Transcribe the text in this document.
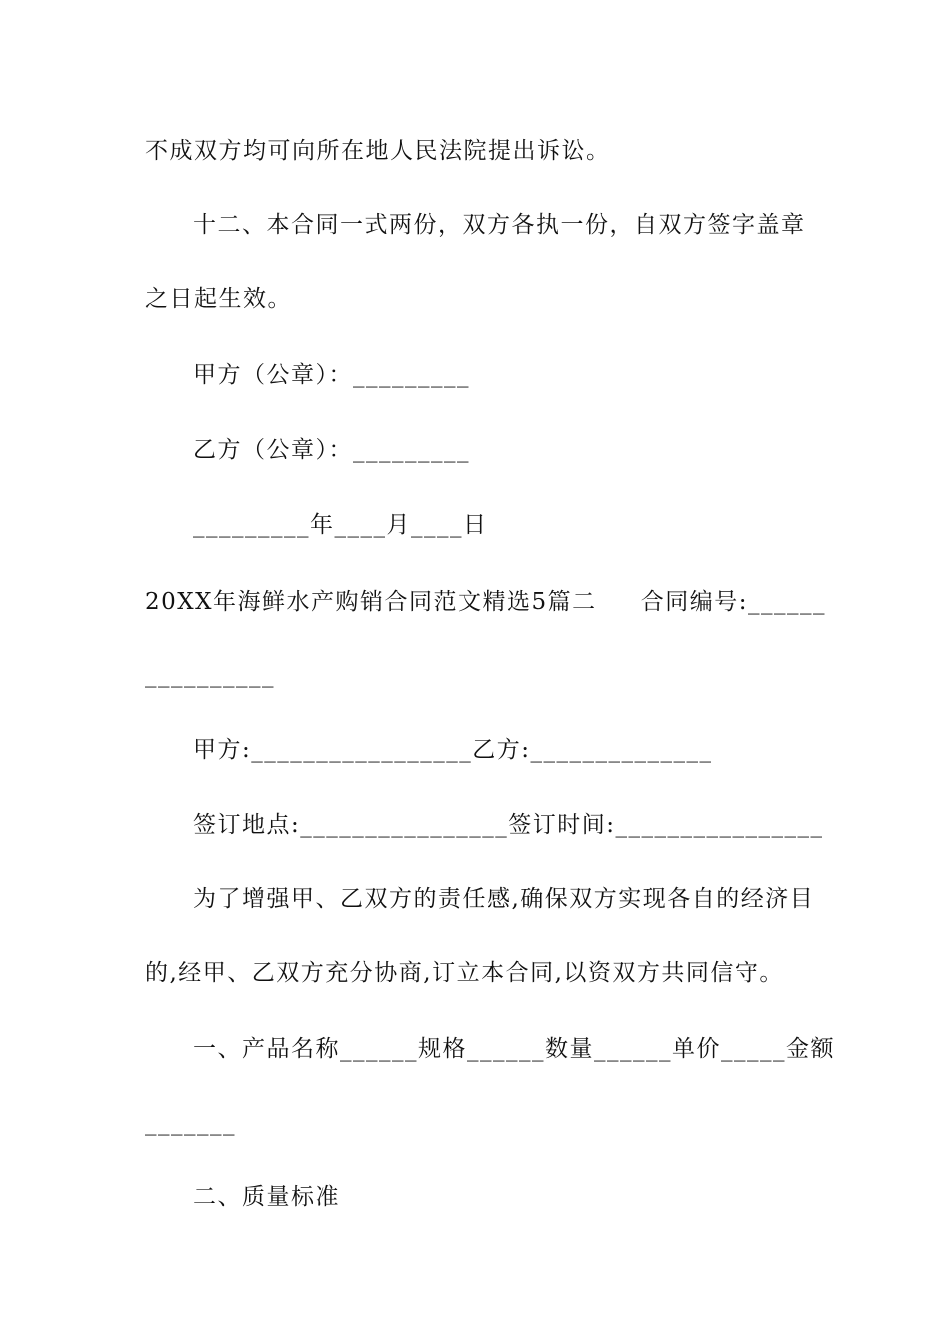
不成双方均可向所在地人民法院提出诉讼。
十二、本合同一式两份，双方各执一份，自双方签字盖章
之日起生效。
甲方（公章）：_________
乙方（公章）：_________
_________年____月____日
20XX年海鲜水产购销合同范文精选5篇二     合同编号:______
__________
甲方:_________________乙方:______________
签订地点:________________签订时间:________________
为了增强甲、乙双方的责任感,确保双方实现各自的经济目
的,经甲、乙双方充分协商,订立本合同,以资双方共同信守。
一、产品名称______规格______数量______单价_____金额
_______
二、质量标准
